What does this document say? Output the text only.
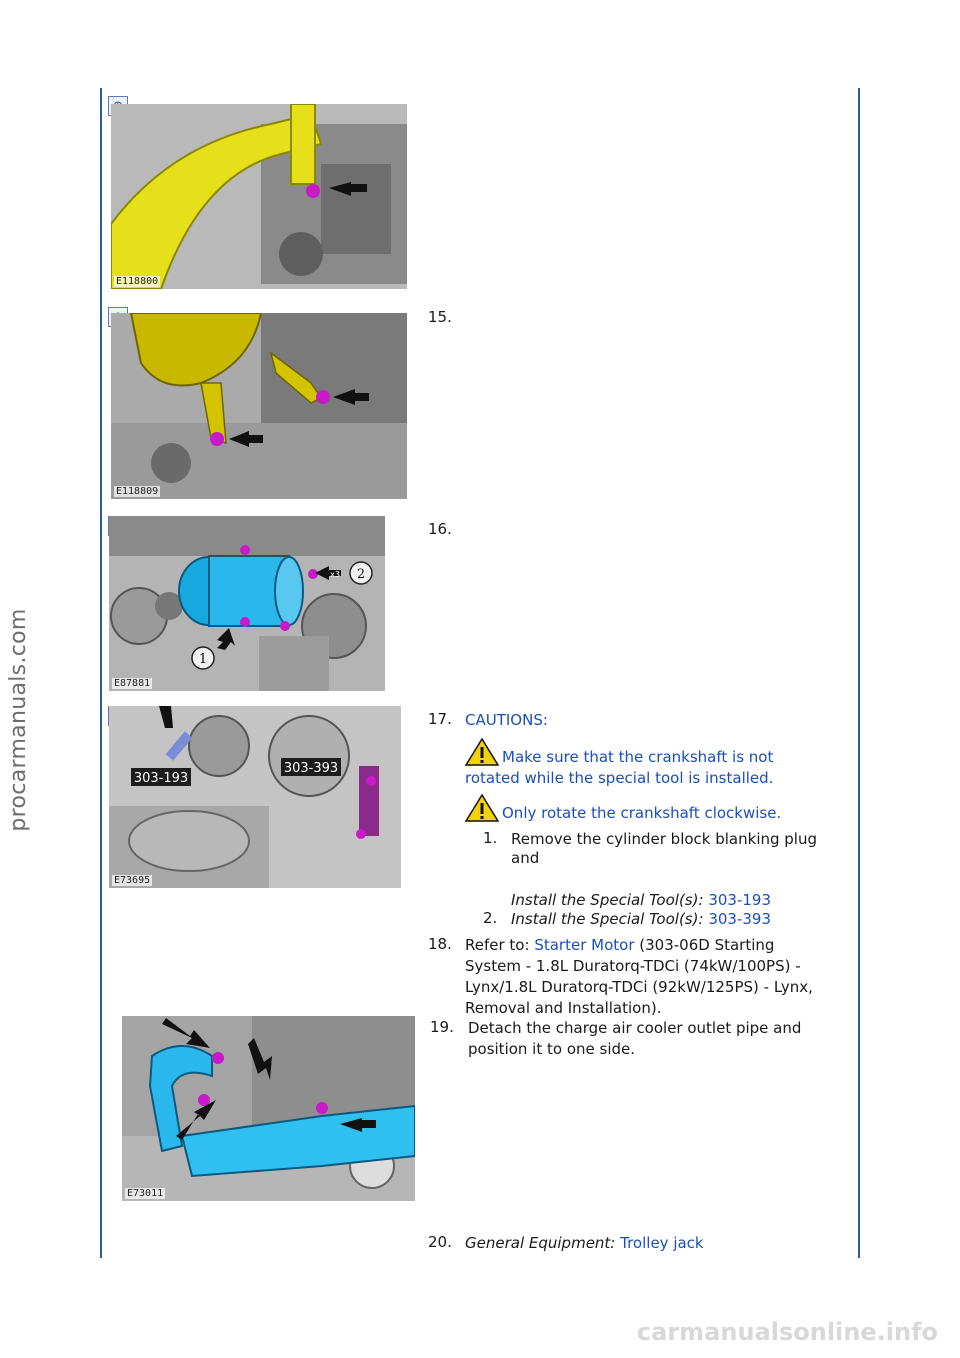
procarmanuals.com
carmanualsonline.info
E118800
E118809
15.
1
2
x3
E87881
16.
303-193
303-393
E73695
17. CAUTIONS:
Make sure that the crankshaft is not
rotated while the special tool is installed.
Only rotate the crankshaft clockwise.
1. Remove the cylinder block blanking plug
and
Install the Special Tool(s): 303-193
2. Install the Special Tool(s): 303-393
18. Refer to: Starter Motor (303-06D Starting
System - 1.8L Duratorq-TDCi (74kW/100PS) -
Lynx/1.8L Duratorq-TDCi (92kW/125PS) - Lynx,
Removal and Installation).
E73011
19. Detach the charge air cooler outlet pipe and
position it to one side.
20. General Equipment: Trolley jack
